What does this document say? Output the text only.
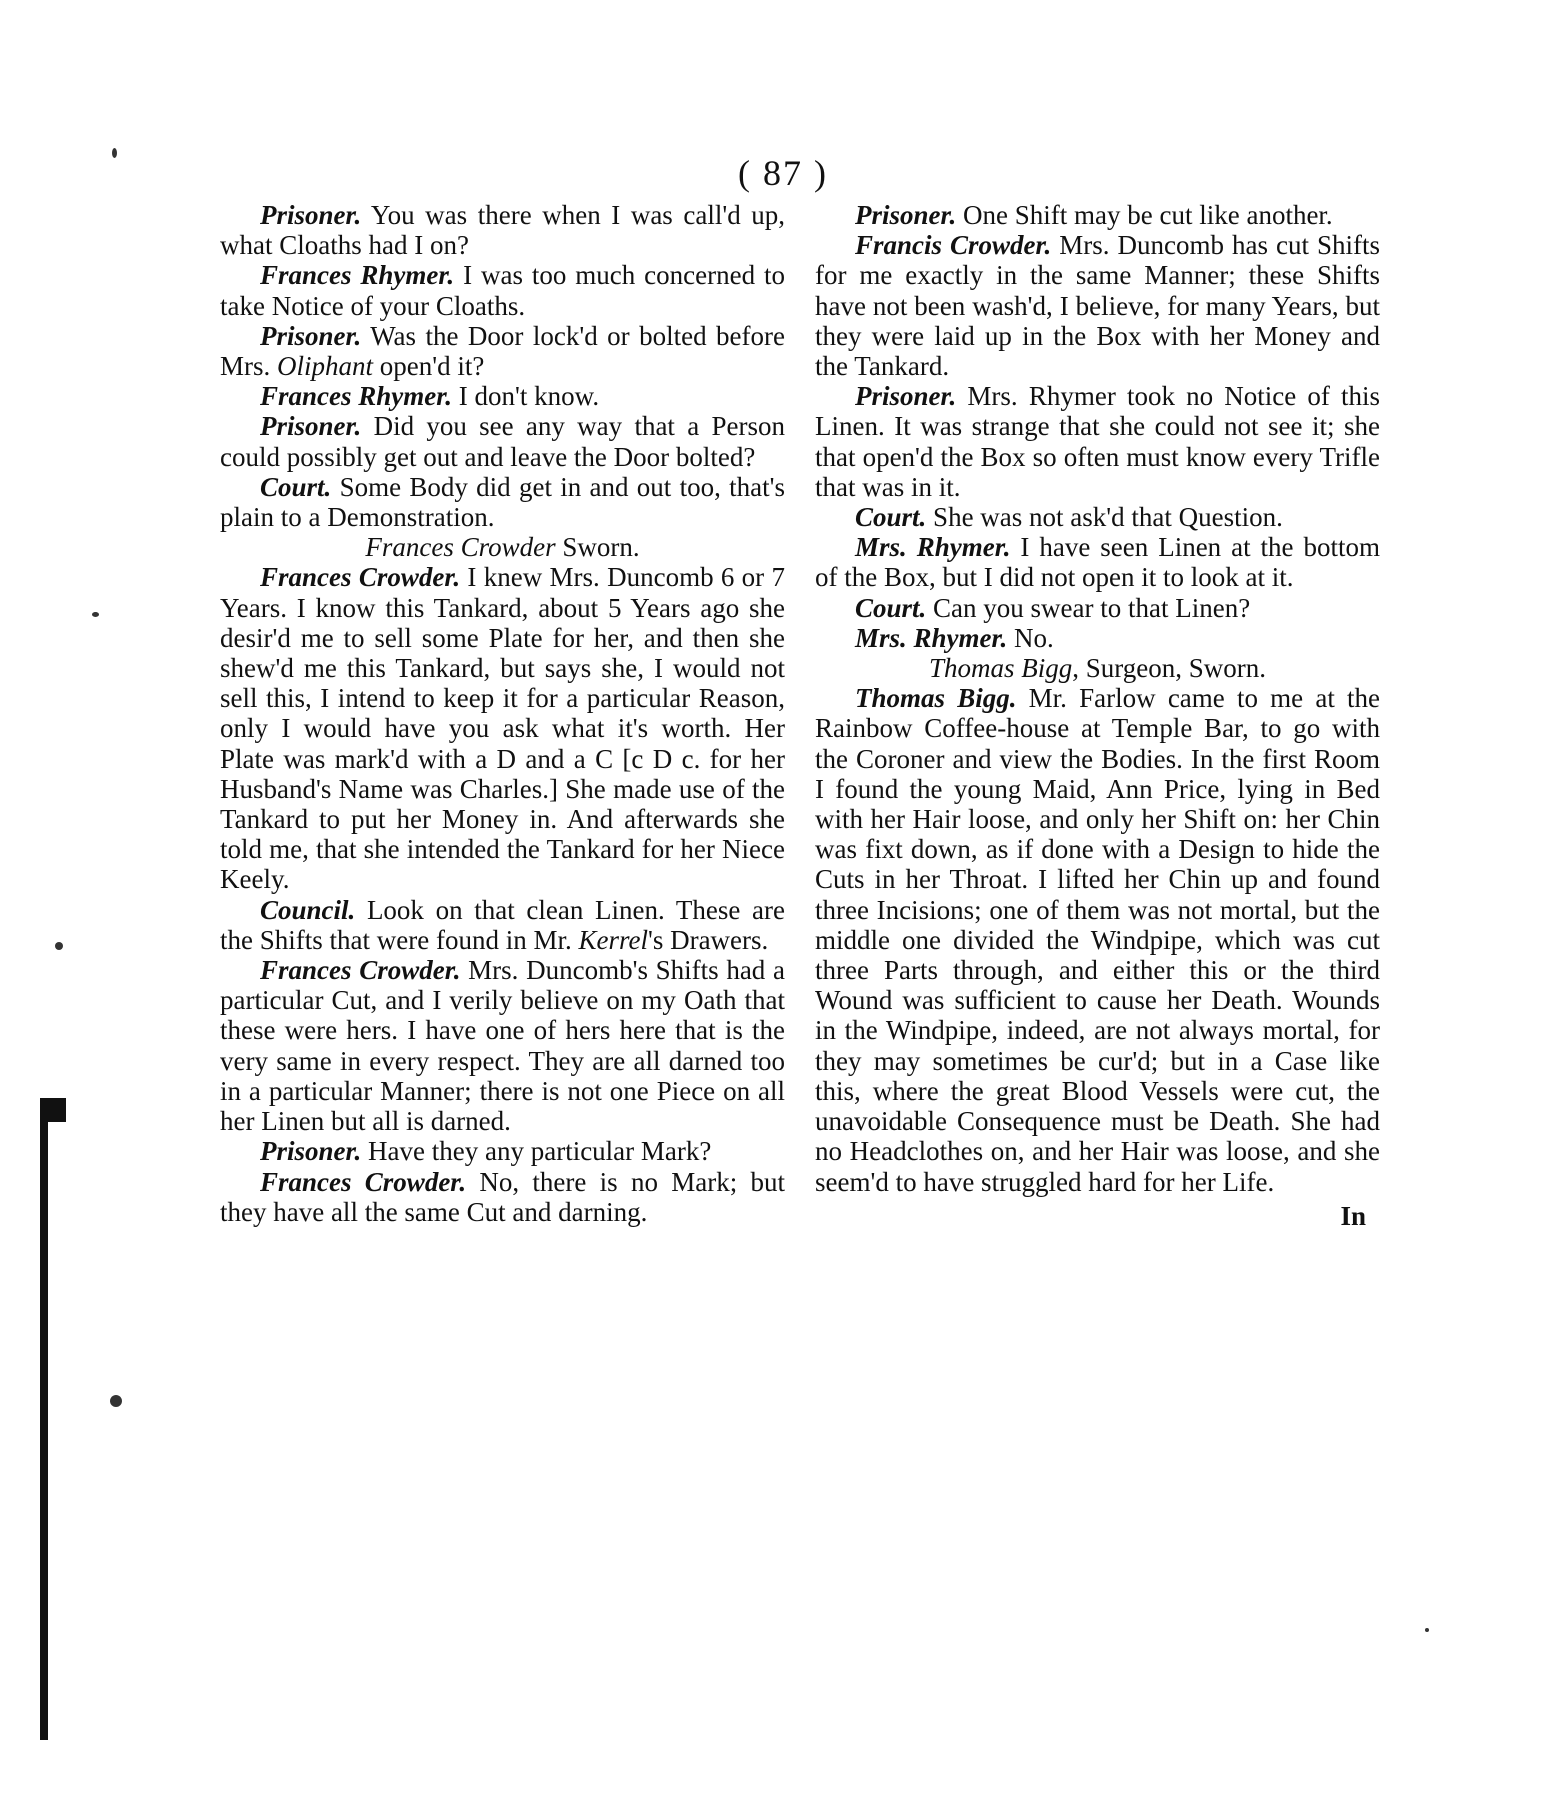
( 87 )

Prisoner. You was there when I was call'd up, what Cloaths had I on?

Frances Rhymer. I was too much concerned to take Notice of your Cloaths.

Prisoner. Was the Door lock'd or bolted before Mrs. Oliphant open'd it?

Frances Rhymer. I don't know.

Prisoner. Did you see any way that a Person could possibly get out and leave the Door bolted?

Court. Some Body did get in and out too, that's plain to a Demonstration.

Frances Crowder Sworn.

Frances Crowder. I knew Mrs. Duncomb 6 or 7 Years. I know this Tankard, about 5 Years ago she desir'd me to sell some Plate for her, and then she shew'd me this Tankard, but says she, I would not sell this, I intend to keep it for a particular Reason, only I would have you ask what it's worth. Her Plate was mark'd with a D and a C [c D c. for her Husband's Name was Charles.] She made use of the Tankard to put her Money in. And afterwards she told me, that she intended the Tankard for her Niece Keely.

Council. Look on that clean Linen. These are the Shifts that were found in Mr. Kerrel's Drawers.

Frances Crowder. Mrs. Duncomb's Shifts had a particular Cut, and I verily believe on my Oath that these were hers. I have one of hers here that is the very same in every respect. They are all darned too in a particular Manner; there is not one Piece on all her Linen but all is darned.

Prisoner. Have they any particular Mark?

Frances Crowder. No, there is no Mark; but they have all the same Cut and darning.

Prisoner. One Shift may be cut like another.

Francis Crowder. Mrs. Duncomb has cut Shifts for me exactly in the same Manner; these Shifts have not been wash'd, I believe, for many Years, but they were laid up in the Box with her Money and the Tankard.

Prisoner. Mrs. Rhymer took no Notice of this Linen. It was strange that she could not see it; she that open'd the Box so often must know every Trifle that was in it.

Court. She was not ask'd that Question.

Mrs. Rhymer. I have seen Linen at the bottom of the Box, but I did not open it to look at it.

Court. Can you swear to that Linen?

Mrs. Rhymer. No.

Thomas Bigg, Surgeon, Sworn.

Thomas Bigg. Mr. Farlow came to me at the Rainbow Coffee-house at Temple Bar, to go with the Coroner and view the Bodies. In the first Room I found the young Maid, Ann Price, lying in Bed with her Hair loose, and only her Shift on: her Chin was fixt down, as if done with a Design to hide the Cuts in her Throat. I lifted her Chin up and found three Incisions; one of them was not mortal, but the middle one divided the Windpipe, which was cut three Parts through, and either this or the third Wound was sufficient to cause her Death. Wounds in the Windpipe, indeed, are not always mortal, for they may sometimes be cur'd; but in a Case like this, where the great Blood Vessels were cut, the unavoidable Consequence must be Death. She had no Headclothes on, and her Hair was loose, and she seem'd to have struggled hard for her Life.

In
